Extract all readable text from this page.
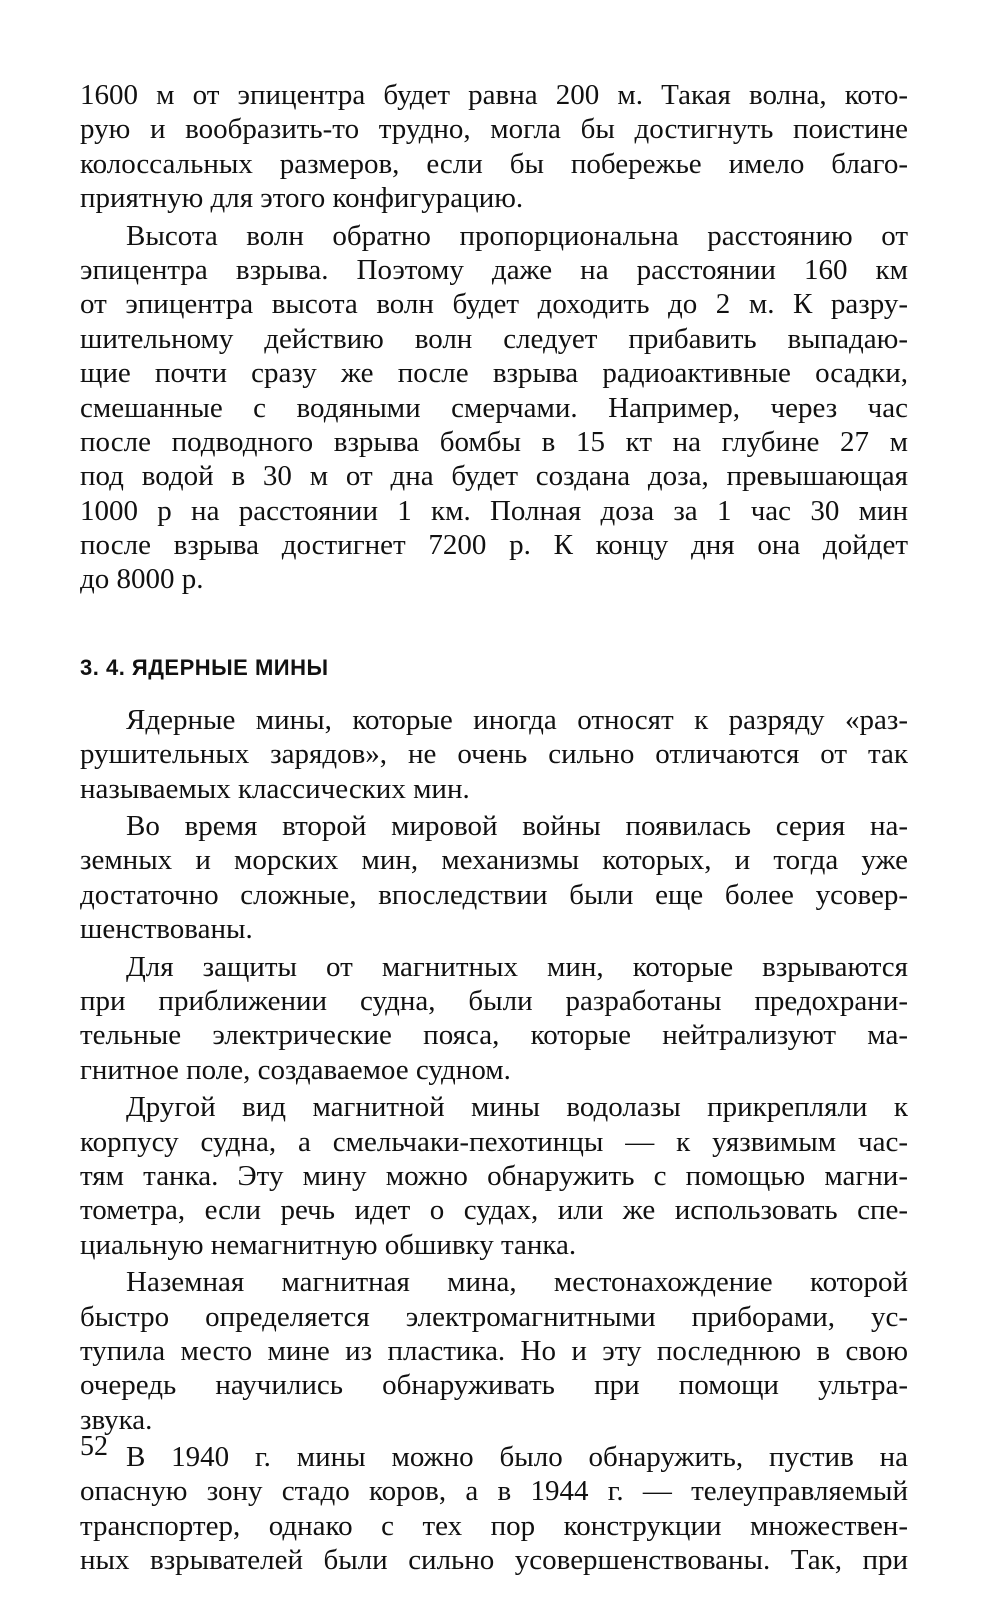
1600 м от эпицентра будет равна 200 м. Такая волна, кото-
рую и вообразить-то трудно, могла бы достигнуть поистине
колоссальных размеров, если бы побережье имело благо-
приятную для этого конфигурацию.
Высота волн обратно пропорциональна расстоянию от
эпицентра взрыва. Поэтому даже на расстоянии 160 км
от эпицентра высота волн будет доходить до 2 м. К разру-
шительному действию волн следует прибавить выпадаю-
щие почти сразу же после взрыва радиоактивные осадки,
смешанные с водяными смерчами. Например, через час
после подводного взрыва бомбы в 15 кт на глубине 27 м
под водой в 30 м от дна будет создана доза, превышающая
1000 р на расстоянии 1 км. Полная доза за 1 час 30 мин
после взрыва достигнет 7200 р. К концу дня она дойдет
до 8000 р.
3. 4. ЯДЕРНЫЕ МИНЫ
Ядерные мины, которые иногда относят к разряду «раз-
рушительных зарядов», не очень сильно отличаются от так
называемых классических мин.
Во время второй мировой войны появилась серия на-
земных и морских мин, механизмы которых, и тогда уже
достаточно сложные, впоследствии были еще более усовер-
шенствованы.
Для защиты от магнитных мин, которые взрываются
при приближении судна, были разработаны предохрани-
тельные электрические пояса, которые нейтрализуют ма-
гнитное поле, создаваемое судном.
Другой вид магнитной мины водолазы прикрепляли к
корпусу судна, а смельчаки-пехотинцы — к уязвимым час-
тям танка. Эту мину можно обнаружить с помощью магни-
тометра, если речь идет о судах, или же использовать спе-
циальную немагнитную обшивку танка.
Наземная магнитная мина, местонахождение которой
быстро определяется электромагнитными приборами, ус-
тупила место мине из пластика. Но и эту последнюю в свою
очередь научились обнаруживать при помощи ультра-
звука.
В 1940 г. мины можно было обнаружить, пустив на
опасную зону стадо коров, а в 1944 г. — телеуправляемый
транспортер, однако с тех пор конструкции множествен-
ных взрывателей были сильно усовершенствованы. Так, при
52
